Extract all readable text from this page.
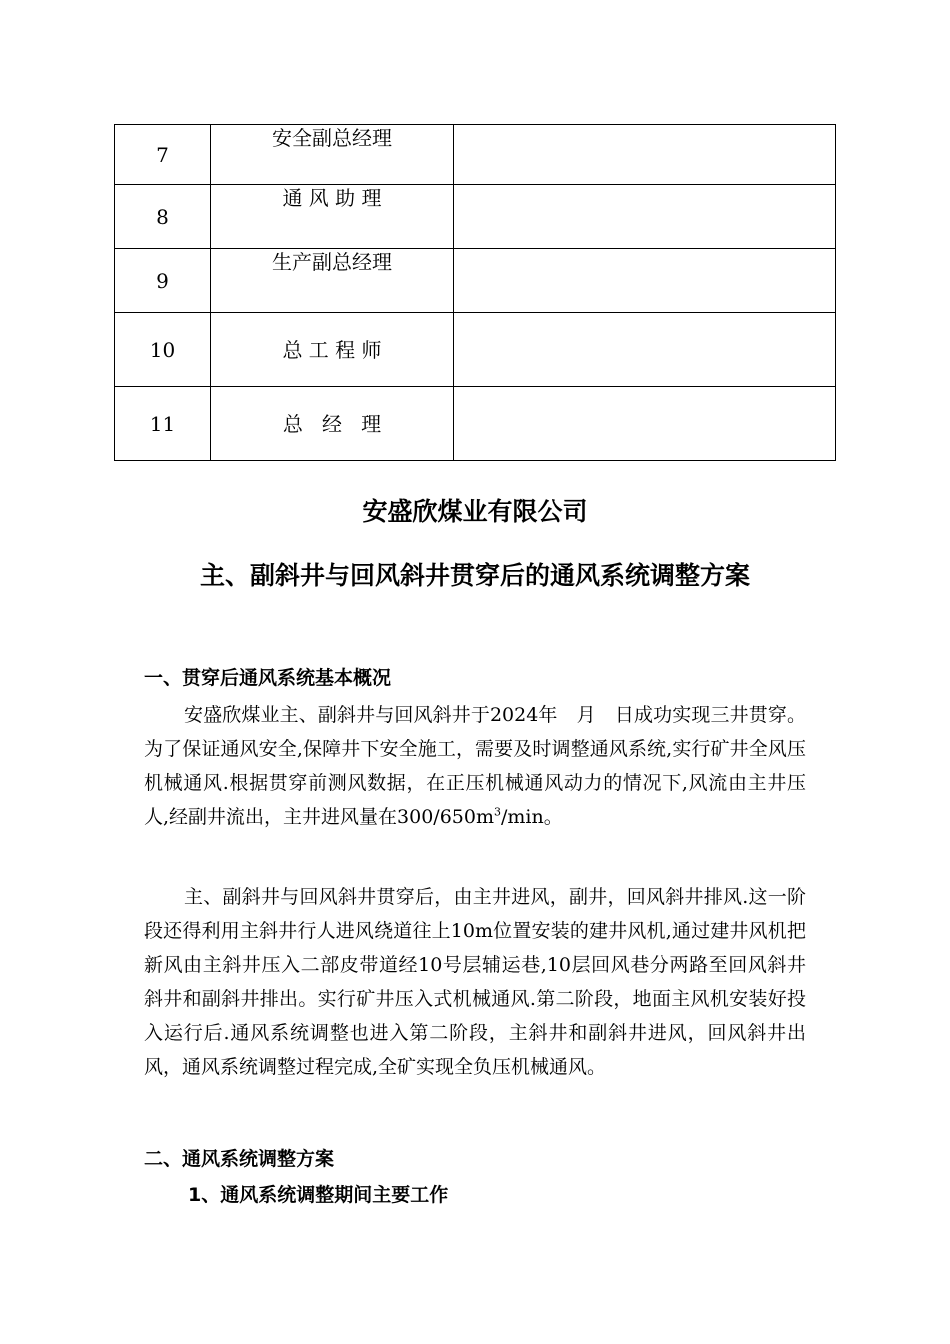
7	安全副总经理	

8	通 风 助 理	

9	生产副总经理	

10	总 工 程 师	

11	总   经   理	

安盛欣煤业有限公司
主、副斜井与回风斜井贯穿后的通风系统调整方案
一、贯穿后通风系统基本概况

安盛欣煤业主、副斜井与回风斜井于2024年　月　日成功实现三井贯穿。为了保证通风安全,保障井下安全施工，需要及时调整通风系统,实行矿井全风压机械通风.根据贯穿前测风数据，在正压机械通风动力的情况下,风流由主井压人,经副井流出，主井进风量在$300/650m^3/\min$。

主、副斜井与回风斜井贯穿后，由主井进风，副井，回风斜井排风.这一阶段还得利用主斜井行人进风绕道往上10m位置安装的建井风机,通过建井风机把新风由主斜井压入二部皮带道经10号层辅运巷,10层回风巷分两路至回风斜井斜井和副斜井排出。实行矿井压入式机械通风.第二阶段，地面主风机安装好投入运行后.通风系统调整也进入第二阶段，主斜井和副斜井进风，回风斜井出风，通风系统调整过程完成,全矿实现全负压机械通风。

二、通风系统调整方案
1、通风系统调整期间主要工作
